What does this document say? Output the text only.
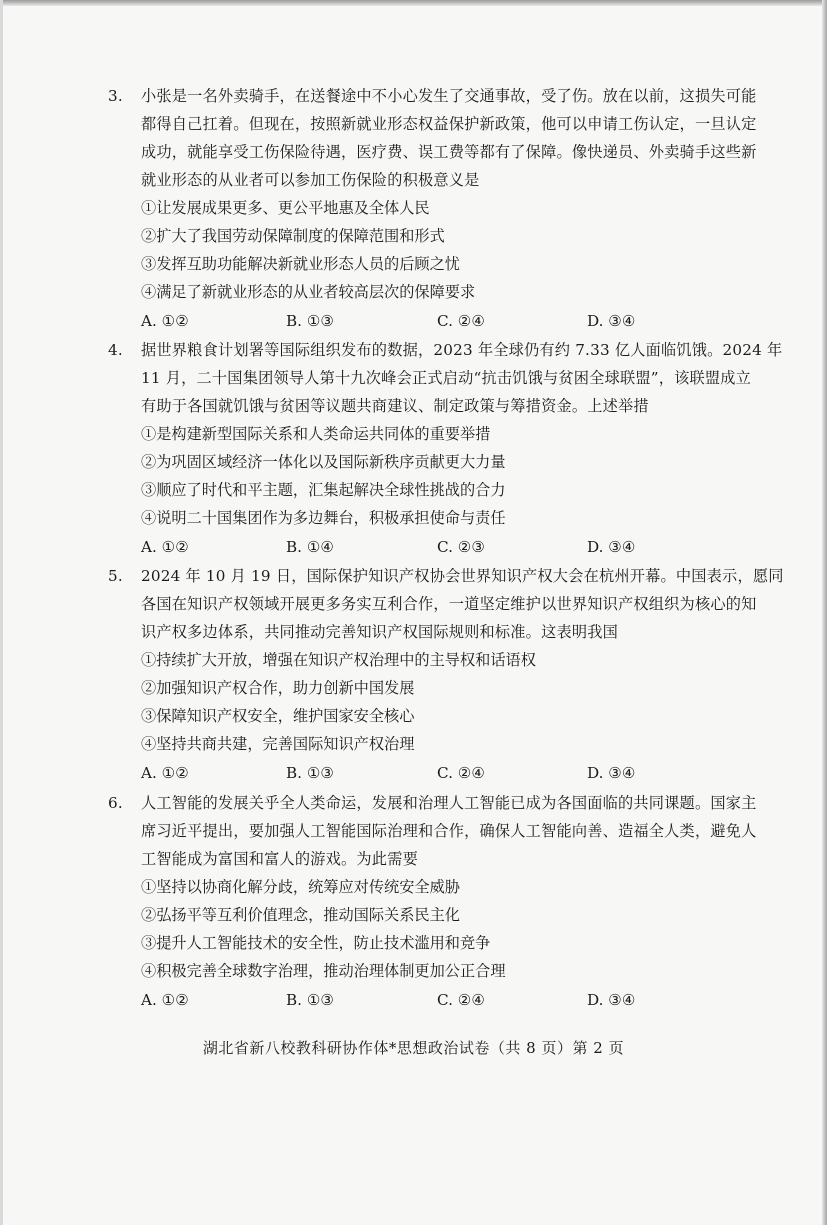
3.	小张是一名外卖骑手，在送餐途中不小心发生了交通事故，受了伤。放在以前，这损失可能
都得自己扛着。但现在，按照新就业形态权益保护新政策，他可以申请工伤认定，一旦认定
成功，就能享受工伤保险待遇，医疗费、误工费等都有了保障。像快递员、外卖骑手这些新
就业形态的从业者可以参加工伤保险的积极意义是
①让发展成果更多、更公平地惠及全体人民
②扩大了我国劳动保障制度的保障范围和形式
③发挥互助功能解决新就业形态人员的后顾之忧
④满足了新就业形态的从业者较高层次的保障要求
A. ①②	B. ①③	C. ②④	D. ③④
4.	据世界粮食计划署等国际组织发布的数据，2023 年全球仍有约 7.33 亿人面临饥饿。2024 年
11 月，二十国集团领导人第十九次峰会正式启动“抗击饥饿与贫困全球联盟”，该联盟成立
有助于各国就饥饿与贫困等议题共商建议、制定政策与筹措资金。上述举措
①是构建新型国际关系和人类命运共同体的重要举措
②为巩固区域经济一体化以及国际新秩序贡献更大力量
③顺应了时代和平主题，汇集起解决全球性挑战的合力
④说明二十国集团作为多边舞台，积极承担使命与责任
A. ①②	B. ①④	C. ②③	D. ③④
5.	2024 年 10 月 19 日，国际保护知识产权协会世界知识产权大会在杭州开幕。中国表示，愿同
各国在知识产权领域开展更多务实互利合作，一道坚定维护以世界知识产权组织为核心的知
识产权多边体系，共同推动完善知识产权国际规则和标准。这表明我国
①持续扩大开放，增强在知识产权治理中的主导权和话语权
②加强知识产权合作，助力创新中国发展
③保障知识产权安全，维护国家安全核心
④坚持共商共建，完善国际知识产权治理
A. ①②	B. ①③	C. ②④	D. ③④
6.	人工智能的发展关乎全人类命运，发展和治理人工智能已成为各国面临的共同课题。国家主
席习近平提出，要加强人工智能国际治理和合作，确保人工智能向善、造福全人类，避免人
工智能成为富国和富人的游戏。为此需要
①坚持以协商化解分歧，统筹应对传统安全威胁
②弘扬平等互利价值理念，推动国际关系民主化
③提升人工智能技术的安全性，防止技术滥用和竞争
④积极完善全球数字治理，推动治理体制更加公正合理
A. ①②	B. ①③	C. ②④	D. ③④
湖北省新八校教科研协作体*思想政治试卷（共 8 页）第 2 页
